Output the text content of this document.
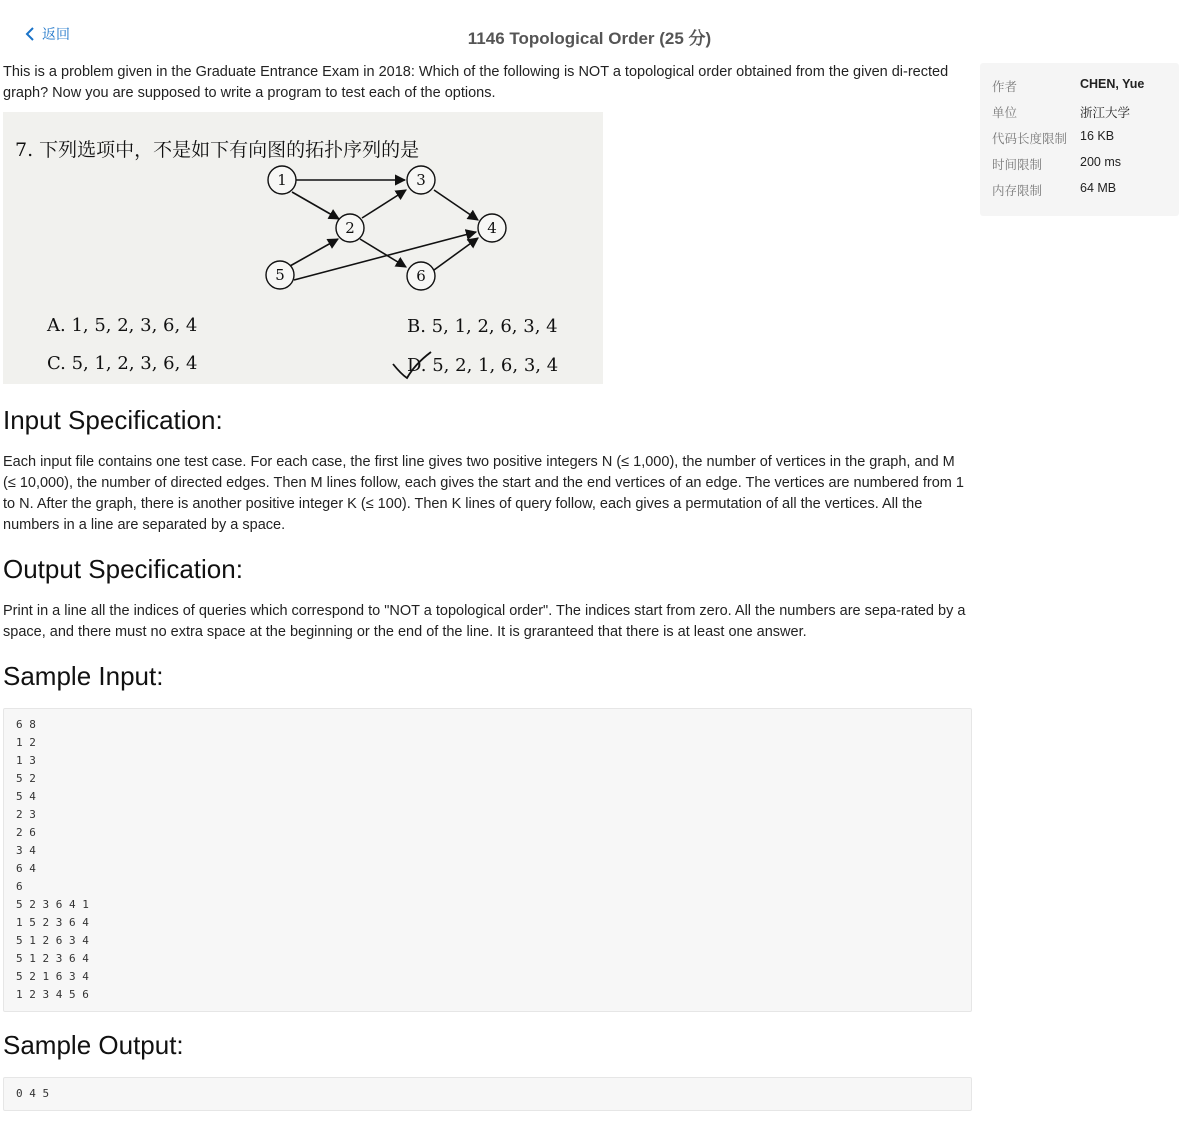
返回	1146 Topological Order (25 分)

This is a problem given in the Graduate Entrance Exam in 2018: Which of the following is NOT a topological order obtained from the given di-rected graph? Now you are supposed to write a program to test each of the options.

7. 下列选项中，不是如下有向图的拓扑序列的是
1	3
2	4
5	6
A. 1, 5, 2, 3, 6, 4	B. 5, 1, 2, 6, 3, 4
C. 5, 1, 2, 3, 6, 4	D. 5, 2, 1, 6, 3, 4
Input Specification:

Each input file contains one test case. For each case, the first line gives two positive integers N (≤ 1,000), the number of vertices in the graph, and M (≤ 10,000), the number of directed edges. Then M lines follow, each gives the start and the end vertices of an edge. The vertices are numbered from 1 to N. After the graph, there is another positive integer K (≤ 100). Then K lines of query follow, each gives a permutation of all the vertices. All the numbers in a line are separated by a space.

Output Specification:

Print in a line all the indices of queries which correspond to "NOT a topological order". The indices start from zero. All the numbers are sepa-rated by a space, and there must no extra space at the beginning or the end of the line. It is graranteed that there is at least one answer.

Sample Input:
6 8
1 2
1 3
5 2
5 4
2 3
2 6
3 4
6 4
6
5 2 3 6 4 1
1 5 2 3 6 4
5 1 2 6 3 4
5 1 2 3 6 4
5 2 1 6 3 4
1 2 3 4 5 6
Sample Output:
0 4 5
作者	CHEN, Yue
单位	浙江大学
代码长度限制	16 KB
时间限制	200 ms
内存限制	64 MB
